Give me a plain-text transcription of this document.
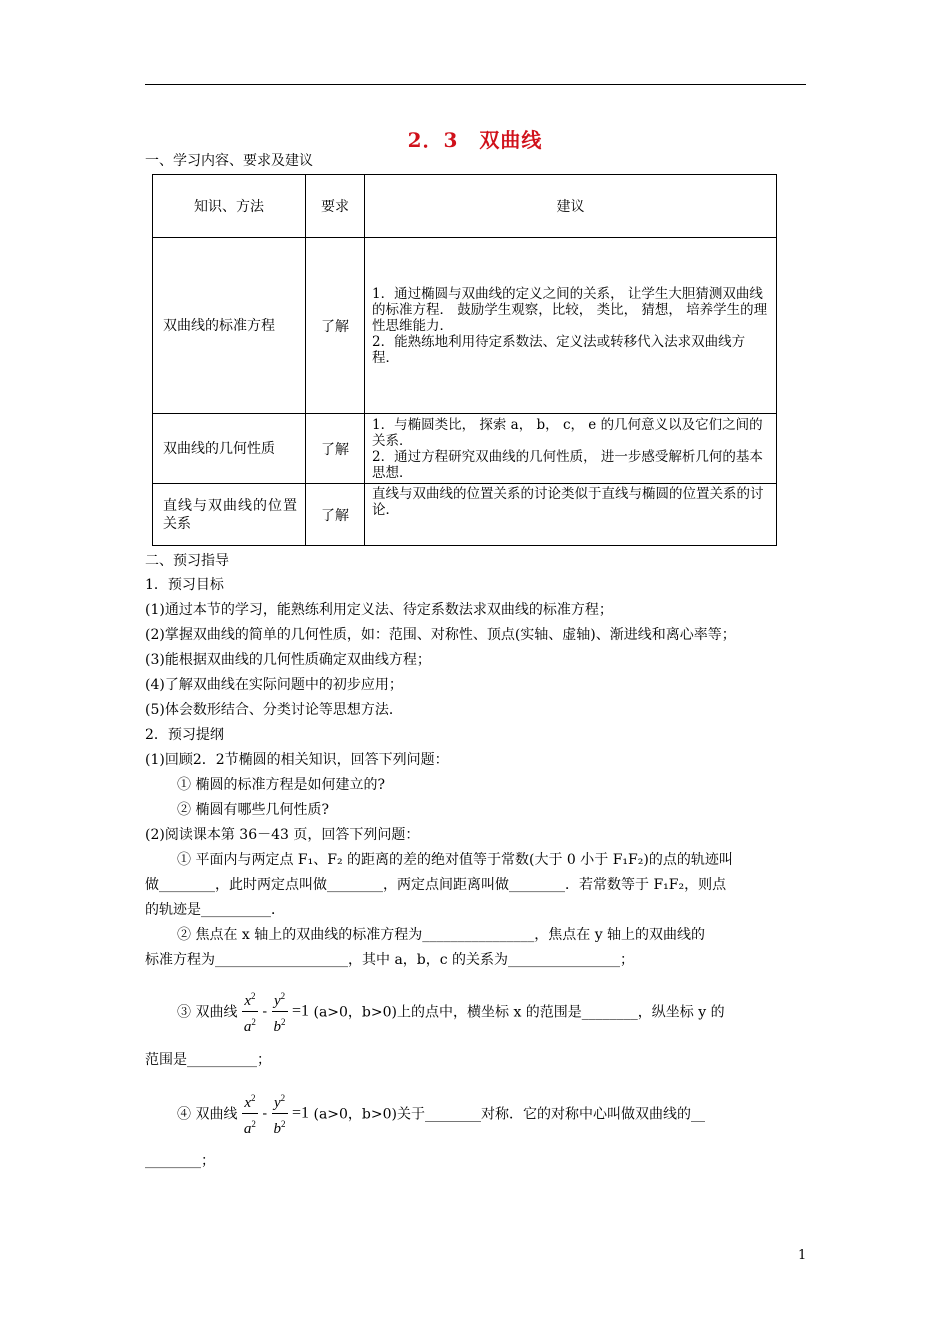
2．3　双曲线
一、学习内容、要求及建议
知识、方法	要求	建议
双曲线的标准方程	了解	1．通过椭圆与双曲线的定义之间的关系， 让学生大胆猜测双曲线的标准方程． 鼓励学生观察，比较， 类比， 猜想， 培养学生的理性思维能力．
2．能熟练地利用待定系数法、定义法或转移代入法求双曲线方程．

双曲线的几何性质	了解	1．与椭圆类比， 探索 a， b， c， e 的几何意义以及它们之间的关系．
2．通过方程研究双曲线的几何性质， 进一步感受解析几何的基本思想．

直线与双曲线的位置关系	了解	直线与双曲线的位置关系的讨论类似于直线与椭圆的位置关系的讨论．
二、预习指导
1．预习目标
(1)通过本节的学习，能熟练利用定义法、待定系数法求双曲线的标准方程；
(2)掌握双曲线的简单的几何性质，如：范围、对称性、顶点(实轴、虚轴)、渐进线和离心率等；
(3)能根据双曲线的几何性质确定双曲线方程；
(4)了解双曲线在实际问题中的初步应用；
(5)体会数形结合、分类讨论等思想方法．
2．预习提纲
(1)回顾2．2节椭圆的相关知识，回答下列问题：
① 椭圆的标准方程是如何建立的?
② 椭圆有哪些几何性质?
(2)阅读课本第 36－43 页，回答下列问题：
① 平面内与两定点 F₁、F₂ 的距离的差的绝对值等于常数(大于 0 小于 F₁F₂)的点的轨迹叫
做________，此时两定点叫做________，两定点间距离叫做________．若常数等于 F₁F₂，则点
的轨迹是__________．
② 焦点在 x 轴上的双曲线的标准方程为________________，焦点在 y 轴上的双曲线的
标准方程为___________________，其中 a，b，c 的关系为________________；
③ 双曲线 $\frac{x^2}{a^2} - \frac{y^2}{b^2} =1$ (a>0，b>0)上的点中，横坐标 x 的范围是________，纵坐标 y 的
范围是__________；
④ 双曲线 $\frac{x^2}{a^2} - \frac{y^2}{b^2} =1$ (a>0，b>0)关于________对称．它的对称中心叫做双曲线的__
________；
1
